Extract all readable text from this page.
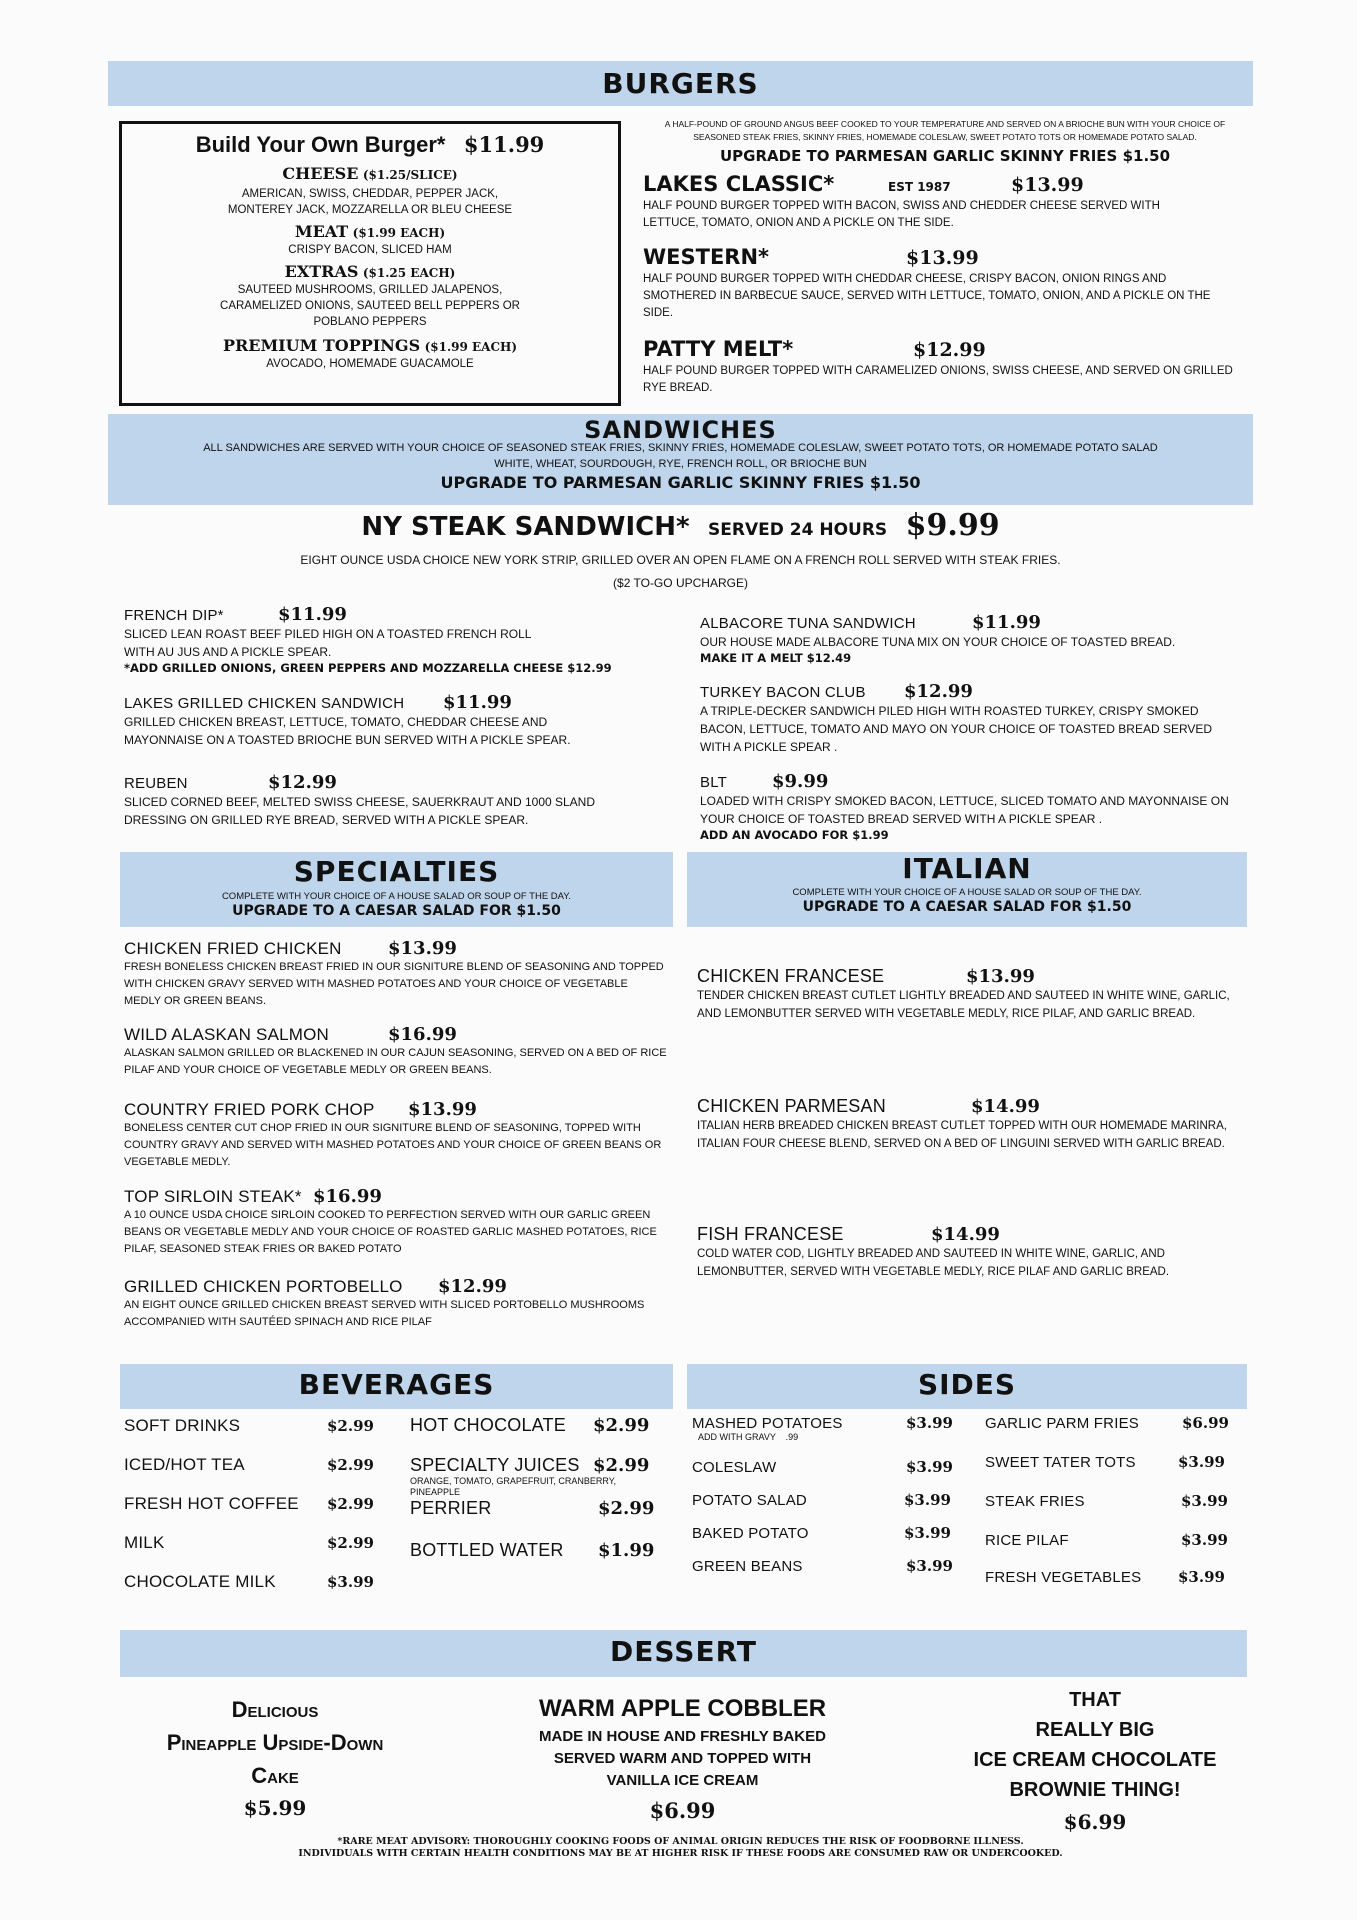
BURGERS
Build Your Own Burger* $11.99
CHEESE ($1.25/SLICE)
AMERICAN, SWISS, CHEDDAR, PEPPER JACK, MONTEREY JACK, MOZZARELLA OR BLEU CHEESE
MEAT ($1.99 EACH)
CRISPY BACON, SLICED HAM
EXTRAS ($1.25 EACH)
SAUTEED MUSHROOMS, GRILLED JALAPENOS, CARAMELIZED ONIONS, SAUTEED BELL PEPPERS OR POBLANO PEPPERS
PREMIUM TOPPINGS ($1.99 EACH)
AVOCADO, HOMEMADE GUACAMOLE
A HALF-POUND OF GROUND ANGUS BEEF COOKED TO YOUR TEMPERATURE AND SERVED ON A BRIOCHE BUN WITH YOUR CHOICE OF SEASONED STEAK FRIES, SKINNY FRIES, HOMEMADE COLESLAW, SWEET POTATO TOTS OR HOMEMADE POTATO SALAD.
UPGRADE TO PARMESAN GARLIC SKINNY FRIES $1.50
LAKES CLASSIC*	EST 1987	$13.99
HALF POUND BURGER TOPPED WITH BACON, SWISS AND CHEDDER CHEESE SERVED WITH LETTUCE, TOMATO, ONION AND A PICKLE ON THE SIDE.
WESTERN*	$13.99
HALF POUND BURGER TOPPED WITH CHEDDAR CHEESE, CRISPY BACON, ONION RINGS AND SMOTHERED IN BARBECUE SAUCE, SERVED WITH LETTUCE, TOMATO, ONION, AND A PICKLE ON THE SIDE.
PATTY MELT*	$12.99
HALF POUND BURGER TOPPED WITH CARAMELIZED ONIONS, SWISS CHEESE, AND SERVED ON GRILLED RYE BREAD.
SANDWICHES
ALL SANDWICHES ARE SERVED WITH YOUR CHOICE OF SEASONED STEAK FRIES, SKINNY FRIES, HOMEMADE COLESLAW, SWEET POTATO TOTS, OR HOMEMADE POTATO SALAD
WHITE, WHEAT, SOURDOUGH, RYE, FRENCH ROLL, OR BRIOCHE BUN
UPGRADE TO PARMESAN GARLIC SKINNY FRIES $1.50
NY STEAK SANDWICH* SERVED 24 HOURS $9.99
EIGHT OUNCE USDA CHOICE NEW YORK STRIP, GRILLED OVER AN OPEN FLAME ON A FRENCH ROLL SERVED WITH STEAK FRIES.
($2 TO-GO UPCHARGE)
FRENCH DIP*	$11.99
SLICED LEAN ROAST BEEF PILED HIGH ON A TOASTED FRENCH ROLL WITH AU JUS AND A PICKLE SPEAR.
*ADD GRILLED ONIONS, GREEN PEPPERS AND MOZZARELLA CHEESE $12.99
LAKES GRILLED CHICKEN SANDWICH	$11.99
GRILLED CHICKEN BREAST, LETTUCE, TOMATO, CHEDDAR CHEESE AND MAYONNAISE ON A TOASTED BRIOCHE BUN SERVED WITH A PICKLE SPEAR.
REUBEN	$12.99
SLICED CORNED BEEF, MELTED SWISS CHEESE, SAUERKRAUT AND 1000 SLAND DRESSING ON GRILLED RYE BREAD, SERVED WITH A PICKLE SPEAR.
ALBACORE TUNA SANDWICH	$11.99
OUR HOUSE MADE ALBACORE TUNA MIX ON YOUR CHOICE OF TOASTED BREAD.
MAKE IT A MELT $12.49
TURKEY BACON CLUB	$12.99
A TRIPLE-DECKER SANDWICH PILED HIGH WITH ROASTED TURKEY, CRISPY SMOKED BACON, LETTUCE, TOMATO AND MAYO ON YOUR CHOICE OF TOASTED BREAD SERVED WITH A PICKLE SPEAR .
BLT	$9.99
LOADED WITH CRISPY SMOKED BACON, LETTUCE, SLICED TOMATO AND MAYONNAISE ON YOUR CHOICE OF TOASTED BREAD SERVED WITH A PICKLE SPEAR .
ADD AN AVOCADO FOR $1.99
SPECIALTIES
COMPLETE WITH YOUR CHOICE OF A HOUSE SALAD OR SOUP OF THE DAY.
UPGRADE TO A CAESAR SALAD FOR $1.50
CHICKEN FRIED CHICKEN	$13.99
FRESH BONELESS CHICKEN BREAST FRIED IN OUR SIGNITURE BLEND OF SEASONING AND TOPPED WITH CHICKEN GRAVY SERVED WITH MASHED POTATOES AND YOUR CHOICE OF VEGETABLE MEDLY OR GREEN BEANS.
WILD ALASKAN SALMON	$16.99
ALASKAN SALMON GRILLED OR BLACKENED IN OUR CAJUN SEASONING, SERVED ON A BED OF RICE PILAF AND YOUR CHOICE OF VEGETABLE MEDLY OR GREEN BEANS.
COUNTRY FRIED PORK CHOP	$13.99
BONELESS CENTER CUT CHOP FRIED IN OUR SIGNITURE BLEND OF SEASONING, TOPPED WITH COUNTRY GRAVY AND SERVED WITH MASHED POTATOES AND YOUR CHOICE OF GREEN BEANS OR VEGETABLE MEDLY.
TOP SIRLOIN STEAK* $16.99
A 10 OUNCE USDA CHOICE SIRLOIN COOKED TO PERFECTION SERVED WITH OUR GARLIC GREEN BEANS OR VEGETABLE MEDLY AND YOUR CHOICE OF ROASTED GARLIC MASHED POTATOES, RICE PILAF, SEASONED STEAK FRIES OR BAKED POTATO
GRILLED CHICKEN PORTOBELLO	$12.99
AN EIGHT OUNCE GRILLED CHICKEN BREAST SERVED WITH SLICED PORTOBELLO MUSHROOMS ACCOMPANIED WITH SAUTÉED SPINACH AND RICE PILAF
ITALIAN
COMPLETE WITH YOUR CHOICE OF A HOUSE SALAD OR SOUP OF THE DAY.
UPGRADE TO A CAESAR SALAD FOR $1.50
CHICKEN FRANCESE	$13.99
TENDER CHICKEN BREAST CUTLET LIGHTLY BREADED AND SAUTEED IN WHITE WINE, GARLIC, AND LEMONBUTTER SERVED WITH VEGETABLE MEDLY, RICE PILAF, AND GARLIC BREAD.
CHICKEN PARMESAN	$14.99
ITALIAN HERB BREADED CHICKEN BREAST CUTLET TOPPED WITH OUR HOMEMADE MARINRA, ITALIAN FOUR CHEESE BLEND, SERVED ON A BED OF LINGUINI SERVED WITH GARLIC BREAD.
FISH FRANCESE	$14.99
COLD WATER COD, LIGHTLY BREADED AND SAUTEED IN WHITE WINE, GARLIC, AND LEMONBUTTER, SERVED WITH VEGETABLE MEDLY, RICE PILAF AND GARLIC BREAD.
BEVERAGES
SOFT DRINKS	$2.99
ICED/HOT TEA	$2.99
FRESH HOT COFFEE	$2.99
MILK	$2.99
CHOCOLATE MILK	$3.99
HOT CHOCOLATE	$2.99
SPECIALTY JUICES $2.99
ORANGE, TOMATO, GRAPEFRUIT, CRANBERRY, PINEAPPLE
PERRIER	$2.99
BOTTLED WATER	$1.99
SIDES
MASHED POTATOES	$3.99
ADD WITH GRAVY    .99
COLESLAW	$3.99
POTATO SALAD	$3.99
BAKED POTATO	$3.99
GREEN BEANS	$3.99
GARLIC PARM FRIES	$6.99
SWEET TATER TOTS	$3.99
STEAK FRIES	$3.99
RICE PILAF	$3.99
FRESH VEGETABLES	$3.99
DESSERT
Delicious
Pineapple Upside-Down
Cake
$5.99
WARM APPLE COBBLER
MADE IN HOUSE AND FRESHLY BAKED
SERVED WARM AND TOPPED WITH
VANILLA ICE CREAM
$6.99
THAT
REALLY BIG
ICE CREAM CHOCOLATE
BROWNIE THING!
$6.99
*RARE MEAT ADVISORY: THOROUGHLY COOKING FOODS OF ANIMAL ORIGIN REDUCES THE RISK OF FOODBORNE ILLNESS.
INDIVIDUALS WITH CERTAIN HEALTH CONDITIONS MAY BE AT HIGHER RISK IF THESE FOODS ARE CONSUMED RAW OR UNDERCOOKED.
